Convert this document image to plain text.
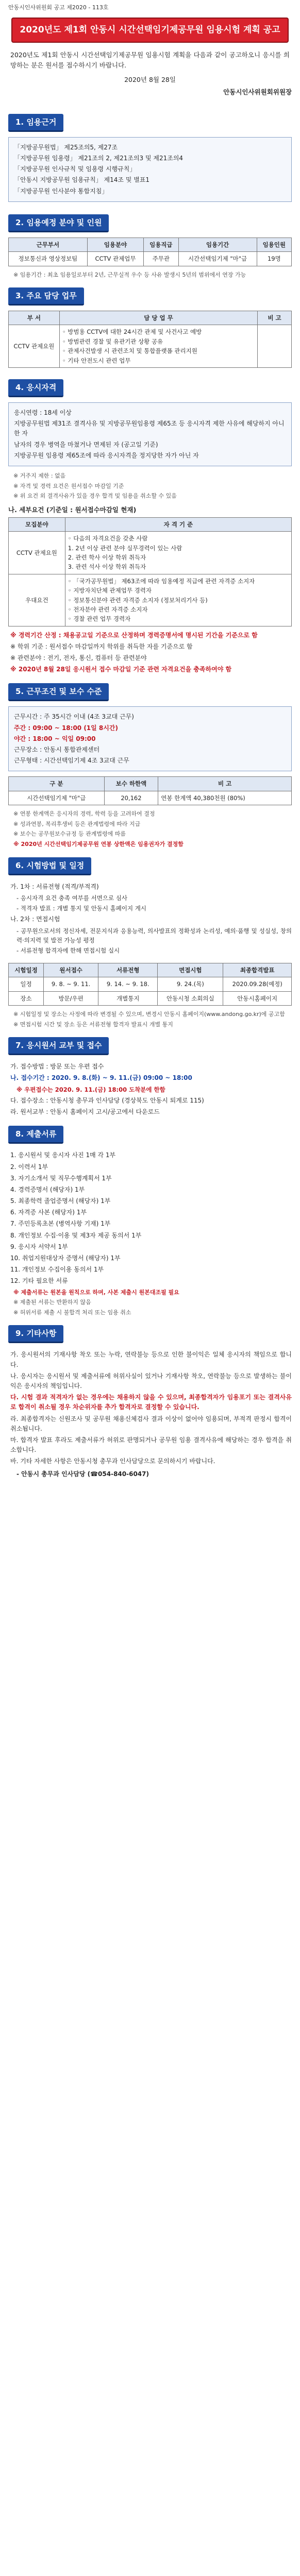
안동시인사위원회 공고 제2020 - 113호
2020년도 제1회 안동시 시간선택임기제공무원 임용시험 계획 공고
2020년도 제1회 안동시 시간선택임기제공무원 임용시험 계획을 다음과 같이 공고하오니 응시를 희망하는 분은 원서를 접수하시기 바랍니다.
2020년 8월 28일
안동시인사위원회위원장
1. 임용근거

「지방공무원법」 제25조의5, 제27조

「지방공무원 임용령」 제21조의 2, 제21조의3 및 제21조의4

「지방공무원 인사규칙 및 임용령 시행규칙」

「안동시 지방공무원 임용규칙」 제14조 및 별표1

「지방공무원 인사분야 통합지침」

2. 임용예정 분야 및 인원
근무부서	임용분야	임용직급	임용기간	임용인원
정보통신과 영상정보팀	CCTV 관제업무	주무관	시간선택임기제 "마"급	19명
※ 임용기간 : 최초 임용일로부터 2년, 근무실적 우수 등 사유 발생시 5년의 범위에서 연장 가능
3. 주요 담당 업무
부 서	담 당 업 무	비 고
CCTV 관제요원	◦ 방범용 CCTV에 대한 24시간 관제 및 사건사고 예방
◦ 방범관련 경찰 및 유관기관 상황 공유
◦ 관제사건발생 시 관련조치 및 통합플랫폼 관리지원
◦ 기타 안전도시 관련 업무	
4. 응시자격

응시연령 : 18세 이상

지방공무원법 제31조 결격사유 및 지방공무원임용령 제65조 등 응시자격 제한 사유에 해당하지 아니한 자

남자의 경우 병역을 마쳤거나 면제된 자 (공고일 기준)

지방공무원 임용령 제65조에 따라 응시자격을 정지당한 자가 아닌 자

※ 거주지 제한 : 없음
※ 자격 및 경력 요건은 원서접수 마감일 기준
※ 위 요건 외 결격사유가 있을 경우 합격 및 임용을 취소할 수 있음
나. 세부요건 (기준일 : 원서접수마감일 현재)
모집분야	자 격 기 준
CCTV 관제요원	◦ 다음의 자격요건을 갖춘 사람
1. 2년 이상 관련 분야 실무경력이 있는 사람
2. 관련 학사 이상 학위 취득자
3. 관련 석사 이상 학위 취득자
우대요건	◦ 「국가공무원법」 제63조에 따라 임용예정 직급에 관련 자격증 소지자
◦ 지방자치단체 관제업무 경력자
◦ 정보통신분야 관련 자격증 소지자 (정보처리기사 등)
◦ 전자분야 관련 자격증 소지자
◦ 경찰 관련 업무 경력자
※ 경력기간 산정 : 채용공고일 기준으로 산정하며 경력증명서에 명시된 기간을 기준으로 함
※ 학위 기준 : 원서접수 마감일까지 학위를 취득한 자를 기준으로 함
※ 관련분야 : 전기, 전자, 통신, 컴퓨터 등 관련분야
※ 2020년 8월 28일 응시원서 접수 마감일 기준 관련 자격요건을 충족하여야 함
5. 근무조건 및 보수 수준

근무시간 : 주 35시간 이내 (4조 3교대 근무)

주간 : 09:00 ~ 18:00 (1일 8시간)

야간 : 18:00 ~ 익일 09:00

근무장소 : 안동시 통합관제센터

근무형태 : 시간선택임기제 4조 3교대 근무

구 분	보수 하한액	비 고
시간선택임기제 "마"급	20,162	연봉 한계액 40,380천원 (80%)
※ 연봉 한계액은 응시자의 경력, 학력 등을 고려하여 결정
※ 성과연봉, 복리후생비 등은 관계법령에 따라 지급
※ 보수는 공무원보수규정 등 관계법령에 따름
※ 2020년 시간선택임기제공무원 연봉 상한액은 임용권자가 결정함
6. 시험방법 및 일정
가. 1차 : 서류전형 (적격/부적격)
- 응시자격 요건 충족 여부를 서면으로 심사
- 적격자 발표 : 개별 통지 및 안동시 홈페이지 게시
나. 2차 : 면접시험
- 공무원으로서의 정신자세, 전문지식과 응용능력, 의사발표의 정확성과 논리성, 예의·품행 및 성실성, 창의력·의지력 및 발전 가능성 평정
- 서류전형 합격자에 한해 면접시험 실시
시험일정	원서접수	서류전형	면접시험	최종합격발표
일정	9. 8. ~ 9. 11.	9. 14. ~ 9. 18.	9. 24.(목)	2020.09.28(예정)
장소	방문/우편	개별통지	안동시청 소회의실	안동시홈페이지
※ 시험일정 및 장소는 사정에 따라 변경될 수 있으며, 변경시 안동시 홈페이지(www.andong.go.kr)에 공고함
※ 면접시험 시간 및 장소 등은 서류전형 합격자 발표시 개별 통지
7. 응시원서 교부 및 접수
가. 접수방법 : 방문 또는 우편 접수
나. 접수기간 : 2020. 9. 8.(화) ~ 9. 11.(금) 09:00 ~ 18:00
※ 우편접수는 2020. 9. 11.(금) 18:00 도착분에 한함
다. 접수장소 : 안동시청 총무과 인사담당 (경상북도 안동시 퇴계로 115)
라. 원서교부 : 안동시 홈페이지 고시/공고에서 다운로드
8. 제출서류
1. 응시원서 및 응시자 사진 1매 각 1부
2. 이력서 1부
3. 자기소개서 및 직무수행계획서 1부
4. 경력증명서 (해당자) 1부
5. 최종학력 졸업증명서 (해당자) 1부
6. 자격증 사본 (해당자) 1부
7. 주민등록초본 (병역사항 기재) 1부
8. 개인정보 수집·이용 및 제3자 제공 동의서 1부
9. 응시자 서약서 1부
10. 취업지원대상자 증명서 (해당자) 1부
11. 개인정보 수집이용 동의서 1부
12. 기타 필요한 서류
※ 제출서류는 원본을 원칙으로 하며, 사본 제출시 원본대조필 필요
※ 제출된 서류는 반환하지 않음
※ 허위서류 제출 시 불합격 처리 또는 임용 취소
9. 기타사항
가. 응시원서의 기재사항 착오 또는 누락, 연락불능 등으로 인한 불이익은 일체 응시자의 책임으로 합니다.
나. 응시자는 응시원서 및 제출서류에 허위사실이 있거나 기재사항 착오, 연락불능 등으로 발생하는 불이익은 응시자의 책임입니다.
다. 시험 결과 적격자가 없는 경우에는 채용하지 않을 수 있으며, 최종합격자가 임용포기 또는 결격사유로 합격이 취소될 경우 차순위자를 추가 합격자로 결정할 수 있습니다.
라. 최종합격자는 신원조사 및 공무원 채용신체검사 결과 이상이 없어야 임용되며, 부적격 판정시 합격이 취소됩니다.
마. 합격자 발표 후라도 제출서류가 허위로 판명되거나 공무원 임용 결격사유에 해당하는 경우 합격을 취소합니다.
바. 기타 자세한 사항은 안동시청 총무과 인사담당으로 문의하시기 바랍니다.
- 안동시 총무과 인사담당 (☎054-840-6047)
